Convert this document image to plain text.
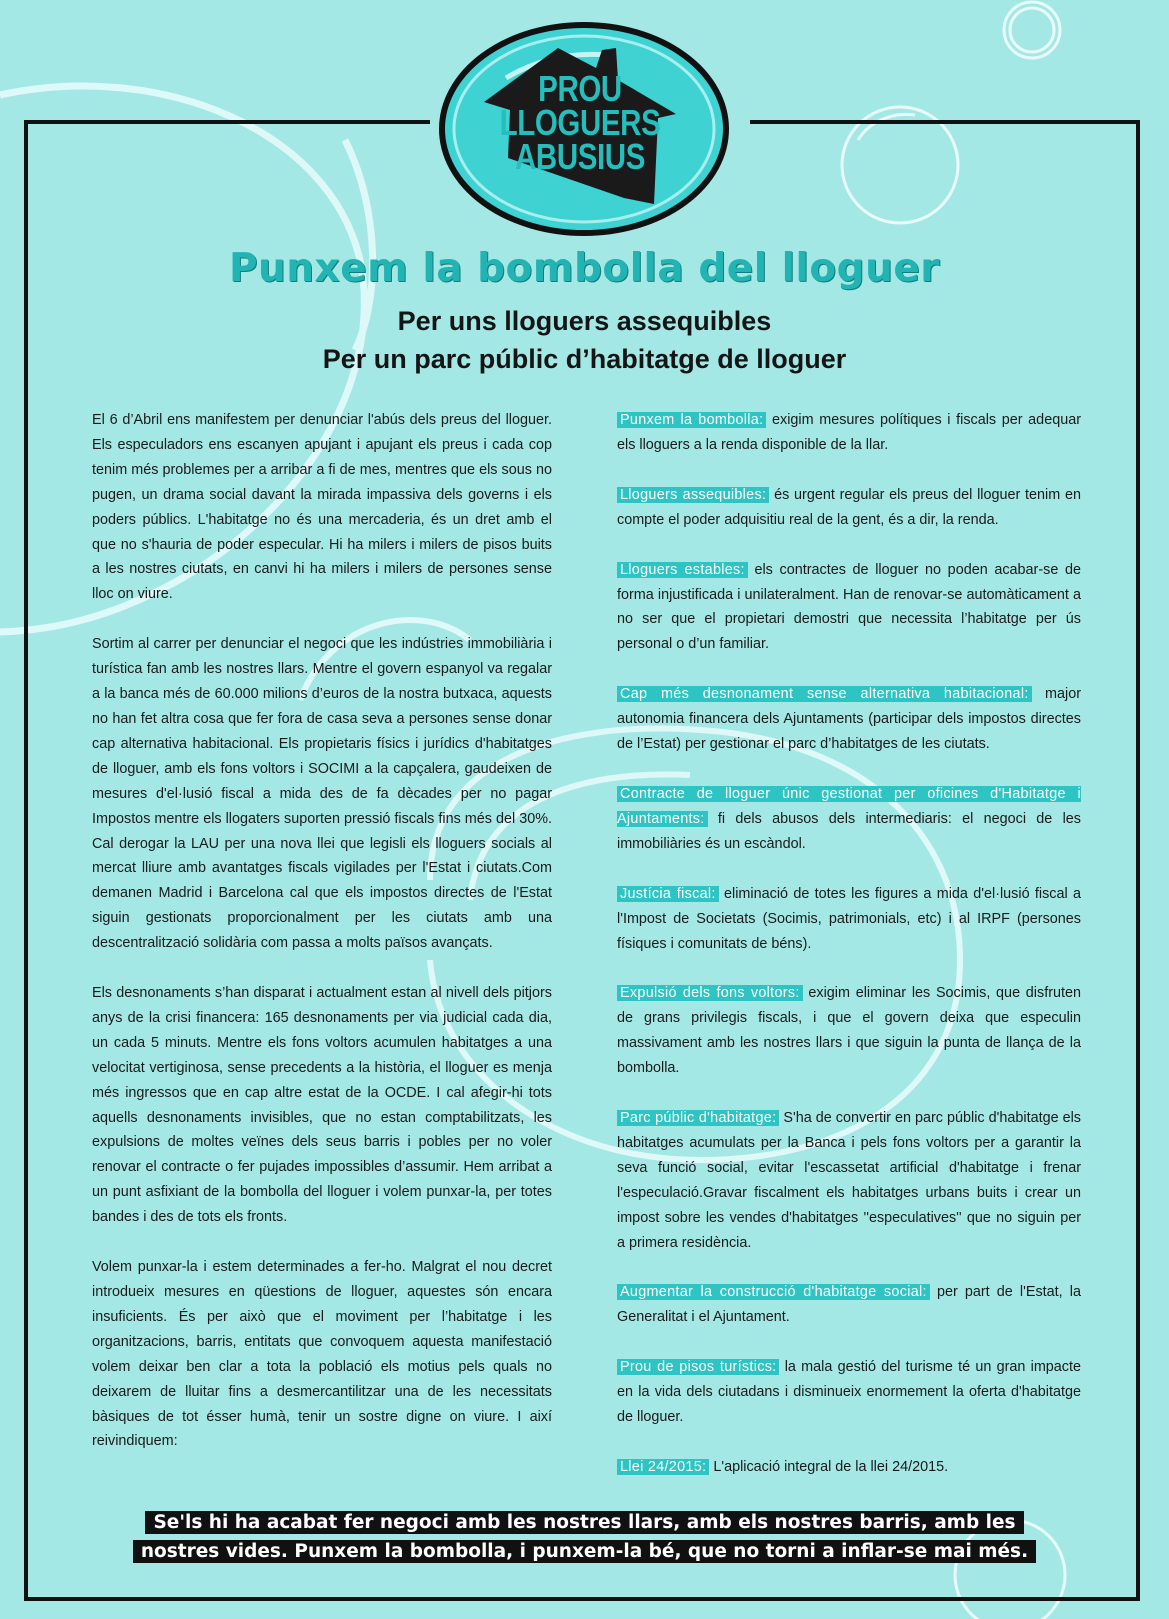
PROU
LLOGUERS
ABUSIUS
Punxem la bombolla del lloguer
Per uns lloguers assequibles
Per un parc públic d’habitatge de lloguer

El 6 d’Abril ens manifestem per denunciar l'abús dels preus del lloguer. Els especuladors ens escanyen apujant i apujant els preus i cada cop tenim més problemes per a arribar a fi de mes, mentres que els sous no pugen, un drama social davant la mirada impassiva dels governs i els poders públics. L'habitatge no és una mercaderia, és un dret amb el que no s'hauria de poder especular. Hi ha milers i milers de pisos buits a les nostres ciutats, en canvi hi ha milers i milers de persones sense lloc on viure.

Sortim al carrer per denunciar el negoci que les indústries immobiliària i turística fan amb les nostres llars. Mentre el govern espanyol va regalar a la banca més de 60.000 milions d’euros de la nostra butxaca, aquests no han fet altra cosa que fer fora de casa seva a persones sense donar cap alternativa habitacional. Els propietaris físics i jurídics d'habitatges de lloguer, amb els fons voltors i SOCIMI a la capçalera, gaudeixen de mesures d'el·lusió fiscal a mida des de fa dècades per no pagar Impostos mentre els llogaters suporten pressió fiscals fins més del 30%. Cal derogar la LAU per una nova llei que legisli els lloguers socials al mercat lliure amb avantatges fiscals vigilades per l'Estat i ciutats.Com demanen Madrid i Barcelona cal que els impostos directes de l'Estat siguin gestionats proporcionalment per les ciutats amb una descentralització solidària com passa a molts països avançats.

Els desnonaments s’han disparat i actualment estan al nivell dels pitjors anys de la crisi financera: 165 desnonaments per via judicial cada dia, un cada 5 minuts. Mentre els fons voltors acumulen habitatges a una velocitat vertiginosa, sense precedents a la història, el lloguer es menja més ingressos que en cap altre estat de la OCDE. I cal afegir-hi tots aquells desnonaments invisibles, que no estan comptabilitzats, les expulsions de moltes veïnes dels seus barris i pobles per no voler renovar el contracte o fer pujades impossibles d’assumir. Hem arribat a un punt asfixiant de la bombolla del lloguer i volem punxar-la, per totes bandes i des de tots els fronts.

Volem punxar-la i estem determinades a fer-ho. Malgrat el nou decret introdueix mesures en qüestions de lloguer, aquestes són encara insuficients. És per això que el moviment per l’habitatge i les organitzacions, barris, entitats que convoquem aquesta manifestació volem deixar ben clar a tota la població els motius pels quals no deixarem de lluitar fins a desmercantilitzar una de les necessitats bàsiques de tot ésser humà, tenir un sostre digne on viure. I així reivindiquem:

Punxem la bombolla: exigim mesures polítiques i fiscals per adequar els lloguers a la renda disponible de la llar.
Lloguers assequibles: és urgent regular els preus del lloguer tenim en compte el poder adquisitiu real de la gent, és a dir, la renda.
Lloguers estables: els contractes de lloguer no poden acabar-se de forma injustificada i unilateralment. Han de renovar-se automàticament a no ser que el propietari demostri que necessita l’habitatge per ús personal o d’un familiar.
Cap més desnonament sense alternativa habitacional: major autonomia financera dels Ajuntaments (participar dels impostos directes de l’Estat) per gestionar el parc d’habitatges de les ciutats.
Contracte de lloguer únic gestionat per oficines d'Habitatge i Ajuntaments: fi dels abusos dels intermediaris: el negoci de les immobiliàries és un escàndol.
Justícia fiscal: eliminació de totes les figures a mida d'el·lusió fiscal a l'Impost de Societats (Socimis, patrimonials, etc) i al IRPF (persones físiques i comunitats de béns).
Expulsió dels fons voltors: exigim eliminar les Socimis, que disfruten de grans privilegis fiscals, i que el govern deixa que especulin massivament amb les nostres llars i que siguin la punta de llança de la bombolla.
Parc públic d'habitatge: S'ha de convertir en parc públic d'habitatge els habitatges acumulats per la Banca i pels fons voltors per a garantir la seva funció social, evitar l'escassetat artificial d'habitatge i frenar l'especulació.Gravar fiscalment els habitatges urbans buits i crear un impost sobre les vendes d'habitatges ''especulatives'' que no siguin per a primera residència.
Augmentar la construcció d'habitatge social: per part de l'Estat, la Generalitat i el Ajuntament.
Prou de pisos turístics: la mala gestió del turisme té un gran impacte en la vida dels ciutadans i disminueix enormement la oferta d'habitatge de lloguer.
Llei 24/2015: L'aplicació integral de la llei 24/2015.
Se'ls hi ha acabat fer negoci amb les nostres llars, amb els nostres barris, amb les
nostres vides. Punxem la bombolla, i punxem-la bé, que no torni a inflar-se mai més.
